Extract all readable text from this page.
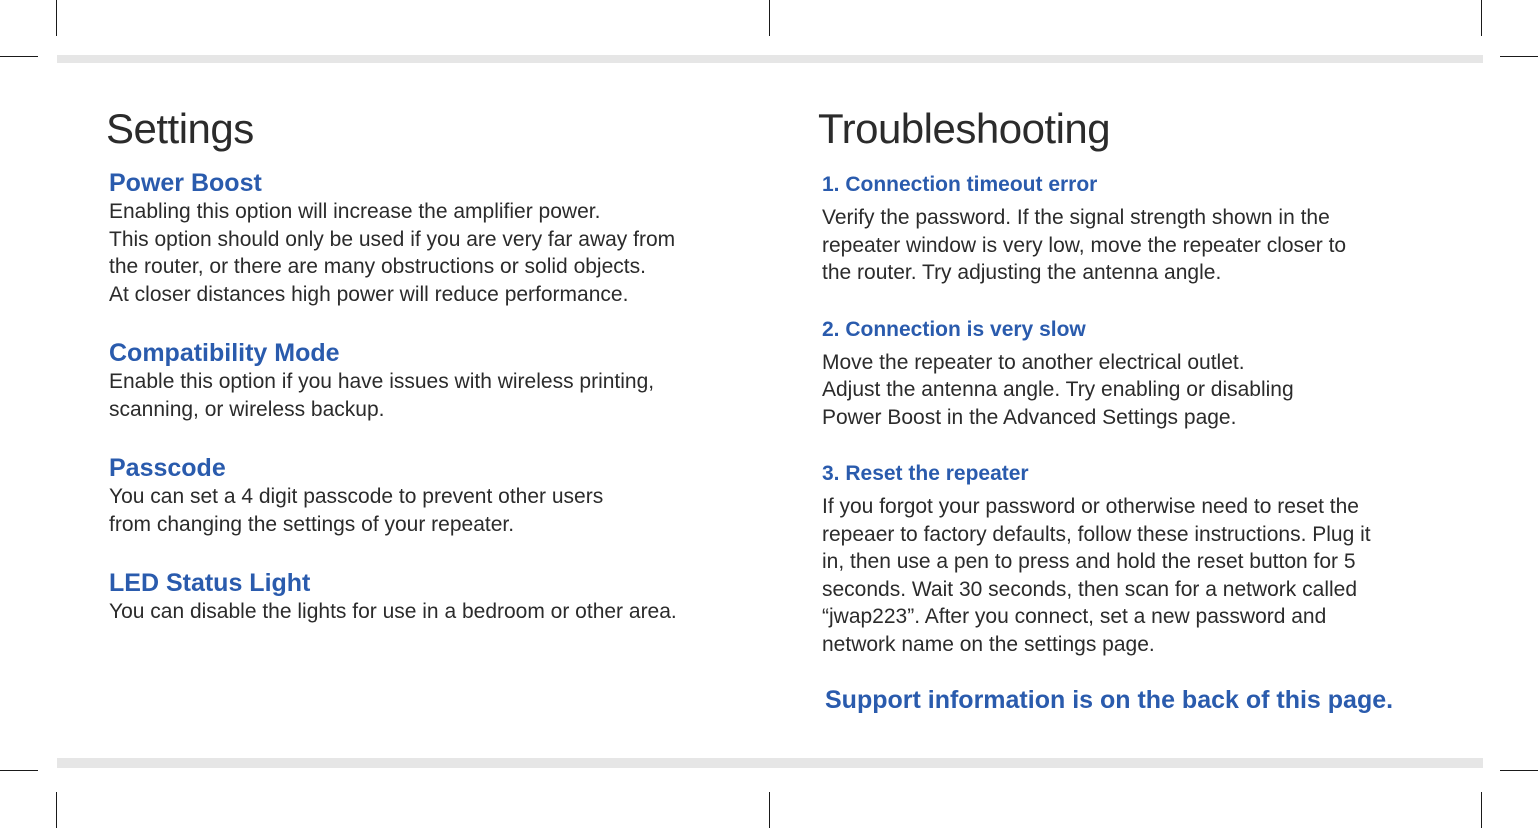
Settings
Power Boost

Enabling this option will increase the amplifier power.
This option should only be used if you are very far away from
the router, or there are many obstructions or solid objects.
At closer distances high power will reduce performance.

Compatibility Mode

Enable this option if you have issues with wireless printing,
scanning, or wireless backup.

Passcode

You can set a 4 digit passcode to prevent other users
from changing the settings of your repeater.

LED Status Light

You can disable the lights for use in a bedroom or other area.

Troubleshooting
1. Connection timeout error

Verify the password. If the signal strength shown in the
repeater window is very low, move the repeater closer to
the router. Try adjusting the antenna angle.

2. Connection is very slow

Move the repeater to another electrical outlet.
Adjust the antenna angle. Try enabling or disabling
Power Boost in the Advanced Settings page.

3. Reset the repeater

If you forgot your password or otherwise need to reset the
repeaer to factory defaults, follow these instructions. Plug it
in, then use a pen to press and hold the reset button for 5
seconds. Wait 30 seconds, then scan for a network called
“jwap223”. After you connect, set a new password and
network name on the settings page.

Support information is on the back of this page.
